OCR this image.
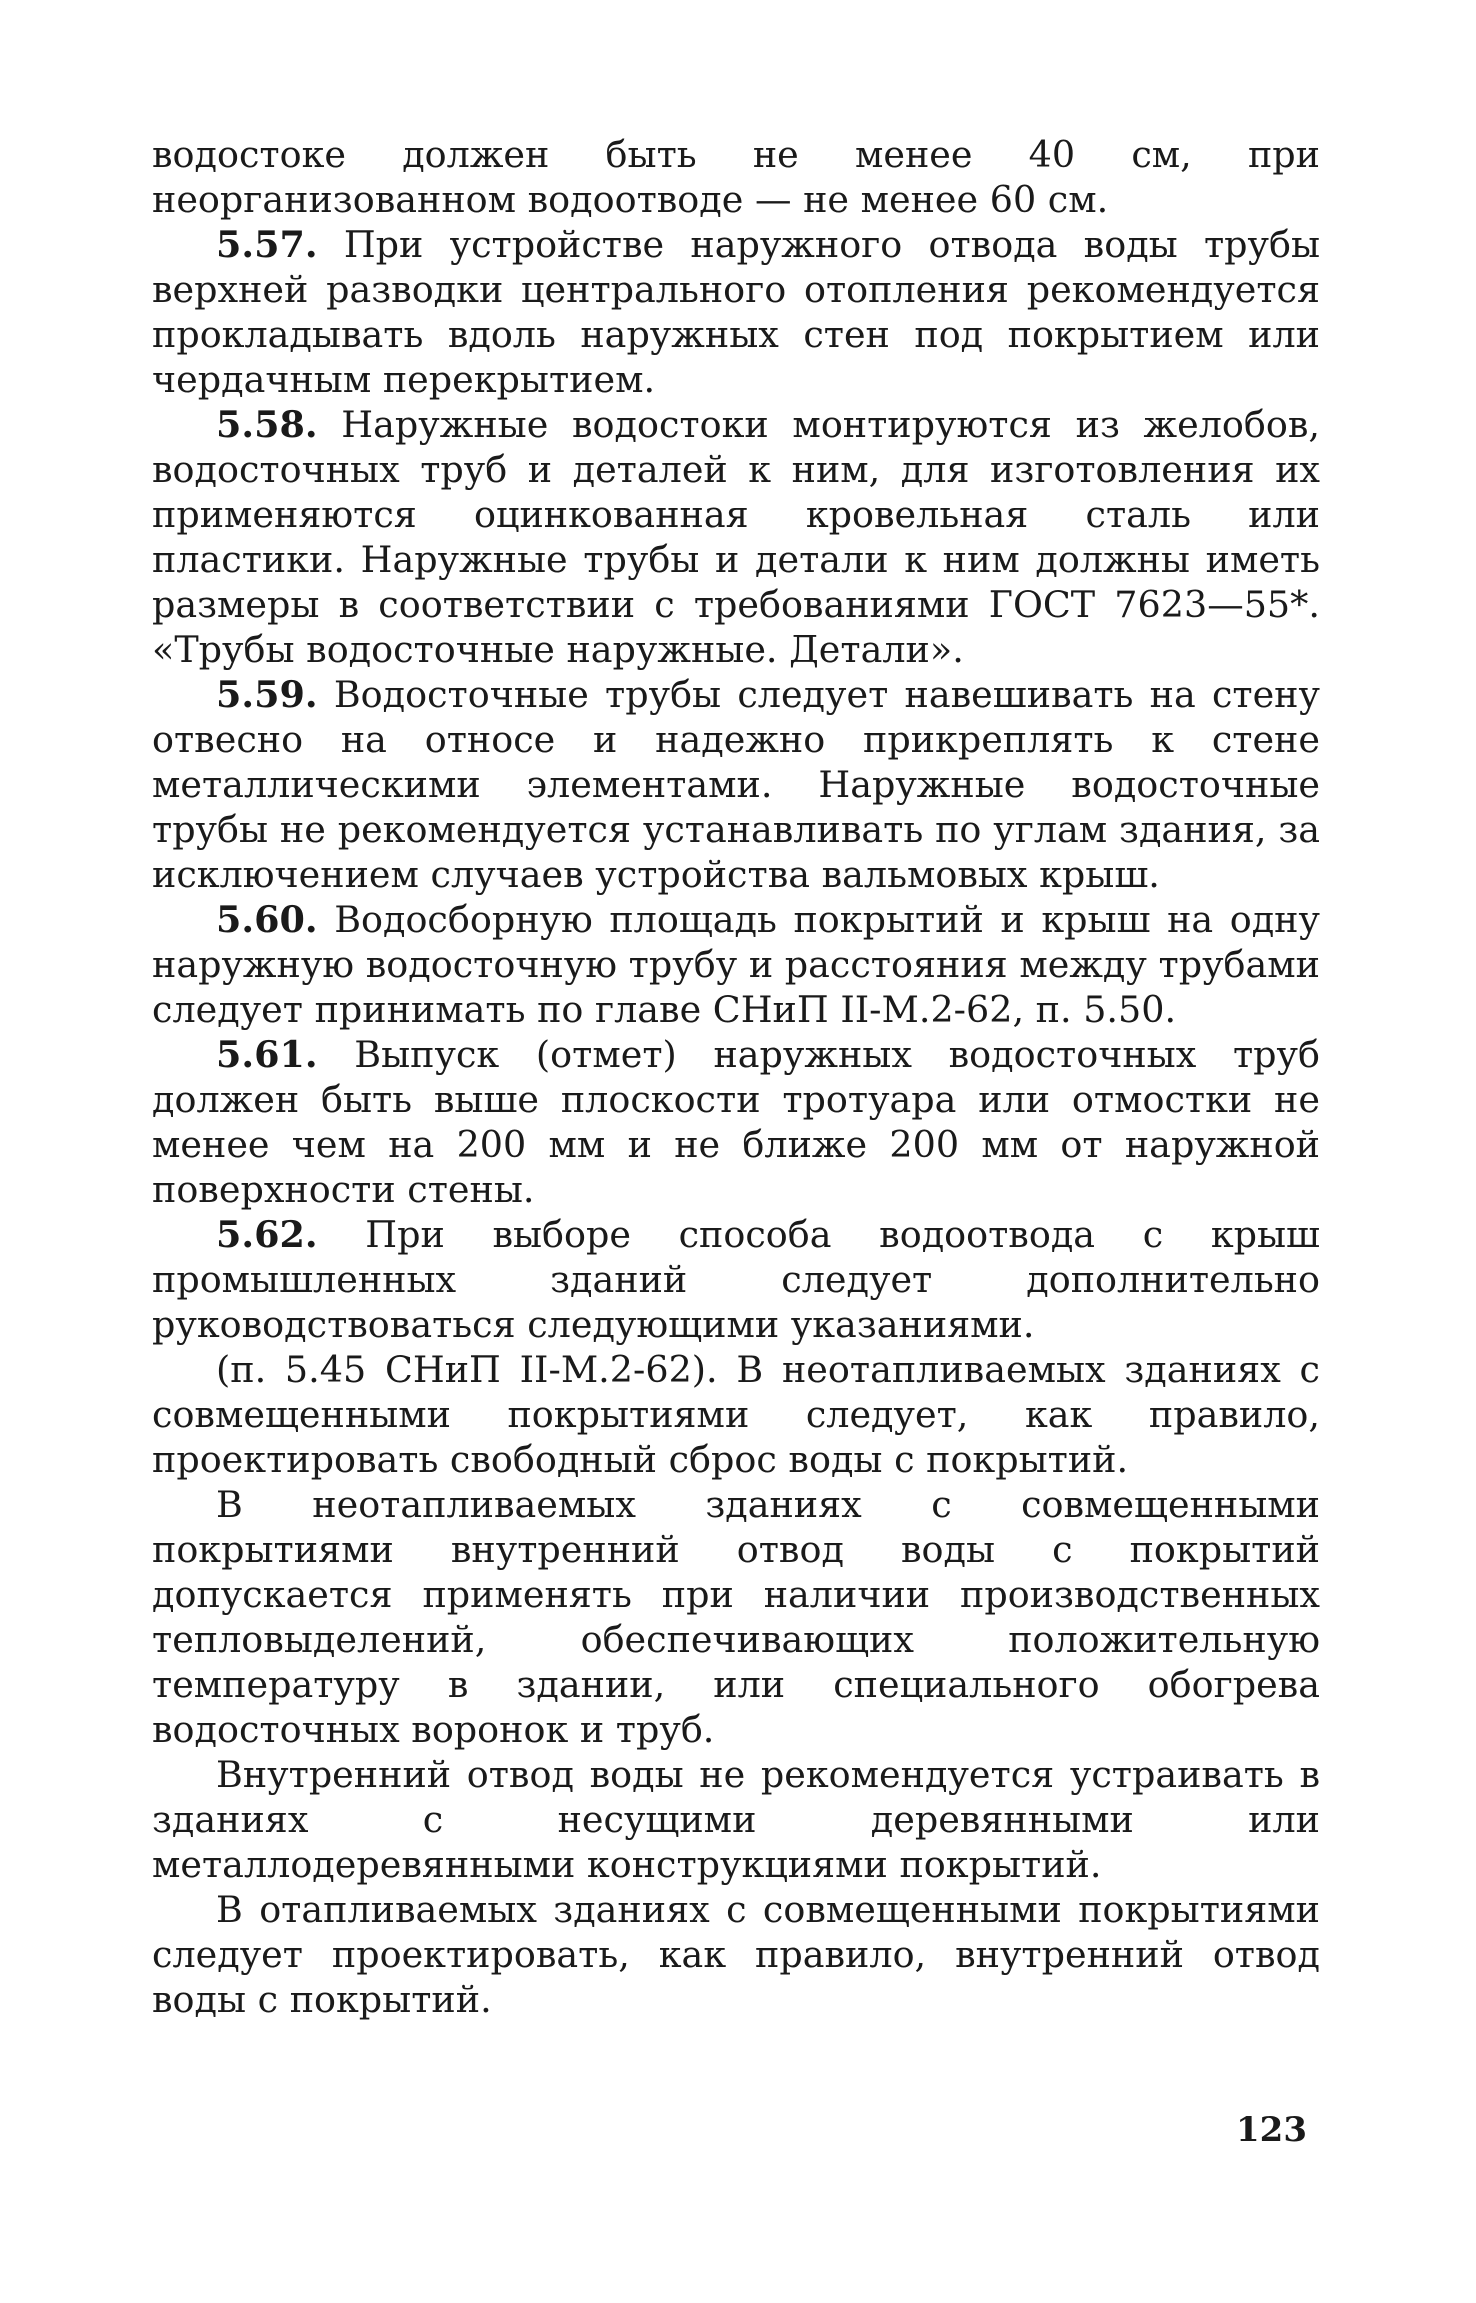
водостоке должен быть не менее 40 см, при неорганизованном водоотводе — не менее 60 см.

5.57. При устройстве наружного отвода воды трубы верхней разводки центрального отопления рекомендуется прокладывать вдоль наружных стен под покрытием или чердачным перекрытием.

5.58. Наружные водостоки монтируются из желобов, водосточных труб и деталей к ним, для изготовления их применяются оцинкованная кровельная сталь или пластики. Наружные трубы и детали к ним должны иметь размеры в соответствии с требованиями ГОСТ 7623—55*. «Трубы водосточные наружные. Детали».

5.59. Водосточные трубы следует навешивать на стену отвесно на относе и надежно прикреплять к стене металлическими элементами. Наружные водосточные трубы не рекомендуется устанавливать по углам здания, за исключением случаев устройства вальмовых крыш.

5.60. Водосборную площадь покрытий и крыш на одну наружную водосточную трубу и расстояния между трубами следует принимать по главе СНиП II-М.2-62, п. 5.50.

5.61. Выпуск (отмет) наружных водосточных труб должен быть выше плоскости тротуара или отмостки не менее чем на 200 мм и не ближе 200 мм от наружной поверхности стены.

5.62. При выборе способа водоотвода с крыш промышленных зданий следует дополнительно руководствоваться следующими указаниями.

(п. 5.45 СНиП II-М.2-62). В неотапливаемых зданиях с совмещенными покрытиями следует, как правило, проектировать свободный сброс воды с покрытий.

В неотапливаемых зданиях с совмещенными покрытиями внутренний отвод воды с покрытий допускается применять при наличии производственных тепловыделений, обеспечивающих положительную температуру в здании, или специального обогрева водосточных воронок и труб.

Внутренний отвод воды не рекомендуется устраивать в зданиях с несущими деревянными или металлодеревянными конструкциями покрытий.

В отапливаемых зданиях с совмещенными покрытиями следует проектировать, как правило, внутренний отвод воды с покрытий.

123
